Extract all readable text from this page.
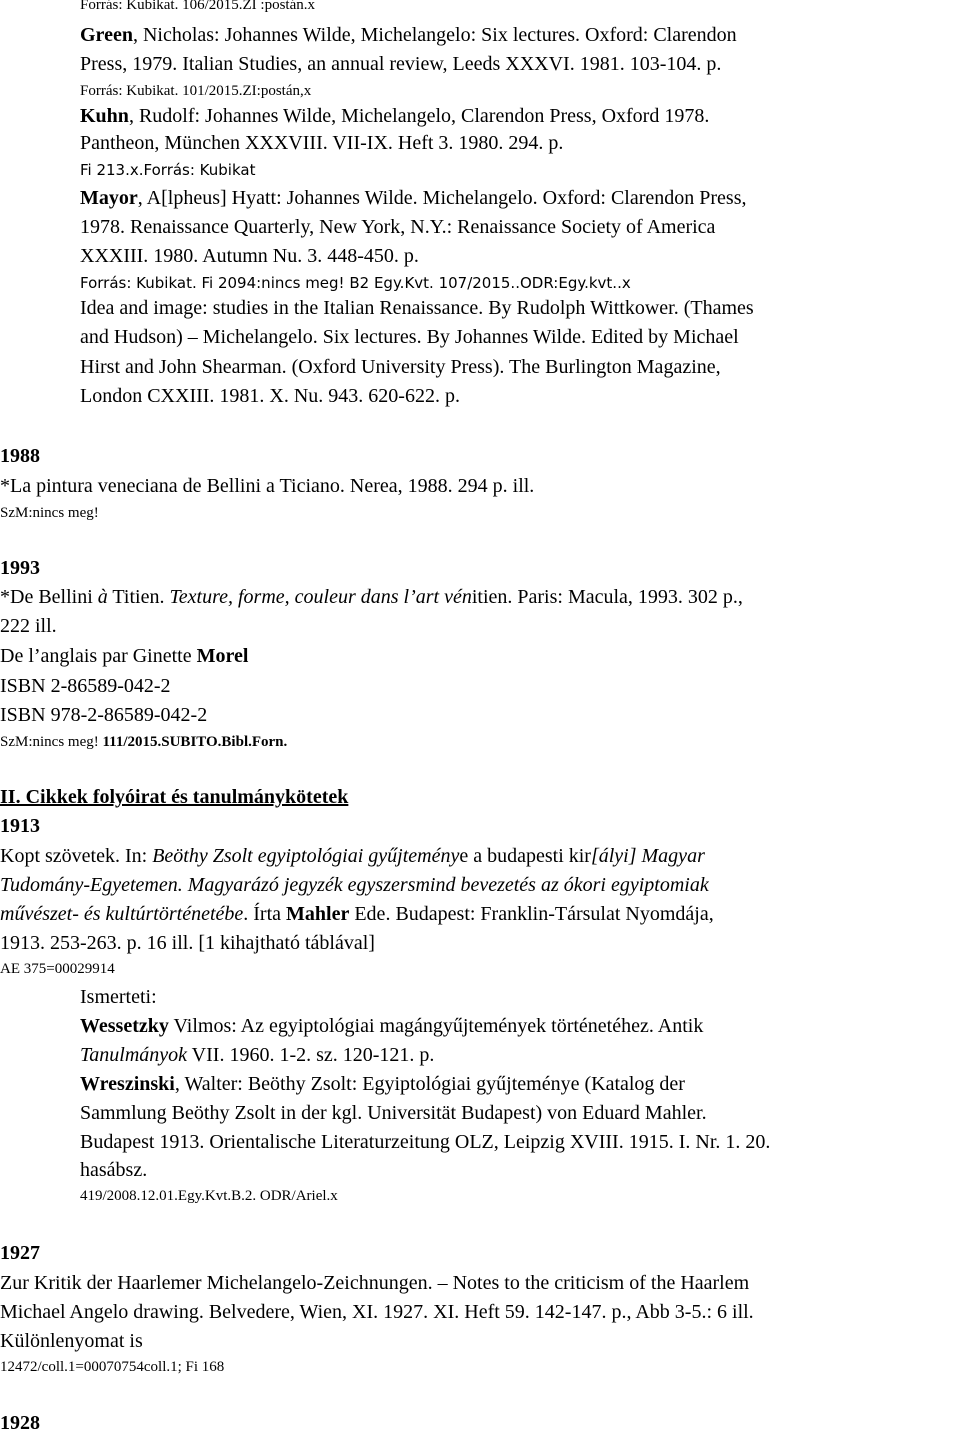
Forrás: Kubikat. 106/2015.ZI :postán.x
Green, Nicholas: Johannes Wilde, Michelangelo: Six lectures. Oxford: Clarendon
Press, 1979. Italian Studies, an annual review, Leeds XXXVI. 1981. 103-104. p.
Forrás: Kubikat. 101/2015.ZI:postán,x
Kuhn, Rudolf: Johannes Wilde, Michelangelo, Clarendon Press, Oxford 1978.
Pantheon, München XXXVIII. VII-IX. Heft 3. 1980. 294. p.
Fi 213.x.Forrás: Kubikat
Mayor, A[lpheus] Hyatt: Johannes Wilde. Michelangelo. Oxford: Clarendon Press,
1978. Renaissance Quarterly, New York, N.Y.: Renaissance Society of America
XXXIII. 1980. Autumn Nu. 3. 448-450. p.
Forrás: Kubikat. Fi 2094:nincs meg! B2 Egy.Kvt. 107/2015..ODR:Egy.kvt..x
Idea and image: studies in the Italian Renaissance. By Rudolph Wittkower. (Thames
and Hudson) ‒ Michelangelo. Six lectures. By Johannes Wilde. Edited by Michael
Hirst and John Shearman. (Oxford University Press). The Burlington Magazine,
London CXXIII. 1981. X. Nu. 943. 620-622. p.
1988
*La pintura veneciana de Bellini a Ticiano. Nerea, 1988. 294 p. ill.
SzM:nincs meg!
1993
*De Bellini à Titien. Texture, forme, couleur dans l’art vénitien. Paris: Macula, 1993. 302 p.,
222 ill.
De l’anglais par Ginette Morel
ISBN 2-86589-042-2
ISBN 978-2-86589-042-2
SzM:nincs meg! 111/2015.SUBITO.Bibl.Forn.
II. Cikkek folyóirat és tanulmánykötetek
1913
Kopt szövetek. In: Beöthy Zsolt egyiptológiai gyűjteménye a budapesti kir[ályi] Magyar
Tudomány-Egyetemen. Magyarázó jegyzék egyszersmind bevezetés az ókori egyiptomiak
művészet- és kultúrtörténetébe. Írta Mahler Ede. Budapest: Franklin-Társulat Nyomdája,
1913. 253-263. p. 16 ill. [1 kihajtható táblával]
AE 375=00029914
Ismerteti:
Wessetzky Vilmos: Az egyiptológiai magángyűjtemények történetéhez. Antik
Tanulmányok VII. 1960. 1-2. sz. 120-121. p.
Wreszinski, Walter: Beöthy Zsolt: Egyiptológiai gyűjteménye (Katalog der
Sammlung Beöthy Zsolt in der kgl. Universität Budapest) von Eduard Mahler.
Budapest 1913. Orientalische Literaturzeitung OLZ, Leipzig XVIII. 1915. I. Nr. 1. 20.
hasábsz.
419/2008.12.01.Egy.Kvt.B.2. ODR/Ariel.x
1927
Zur Kritik der Haarlemer Michelangelo-Zeichnungen. ‒ Notes to the criticism of the Haarlem
Michael Angelo drawing. Belvedere, Wien, XI. 1927. XI. Heft 59. 142-147. p., Abb 3-5.: 6 ill.
Különlenyomat is
12472/coll.1=00070754coll.1; Fi 168
1928
